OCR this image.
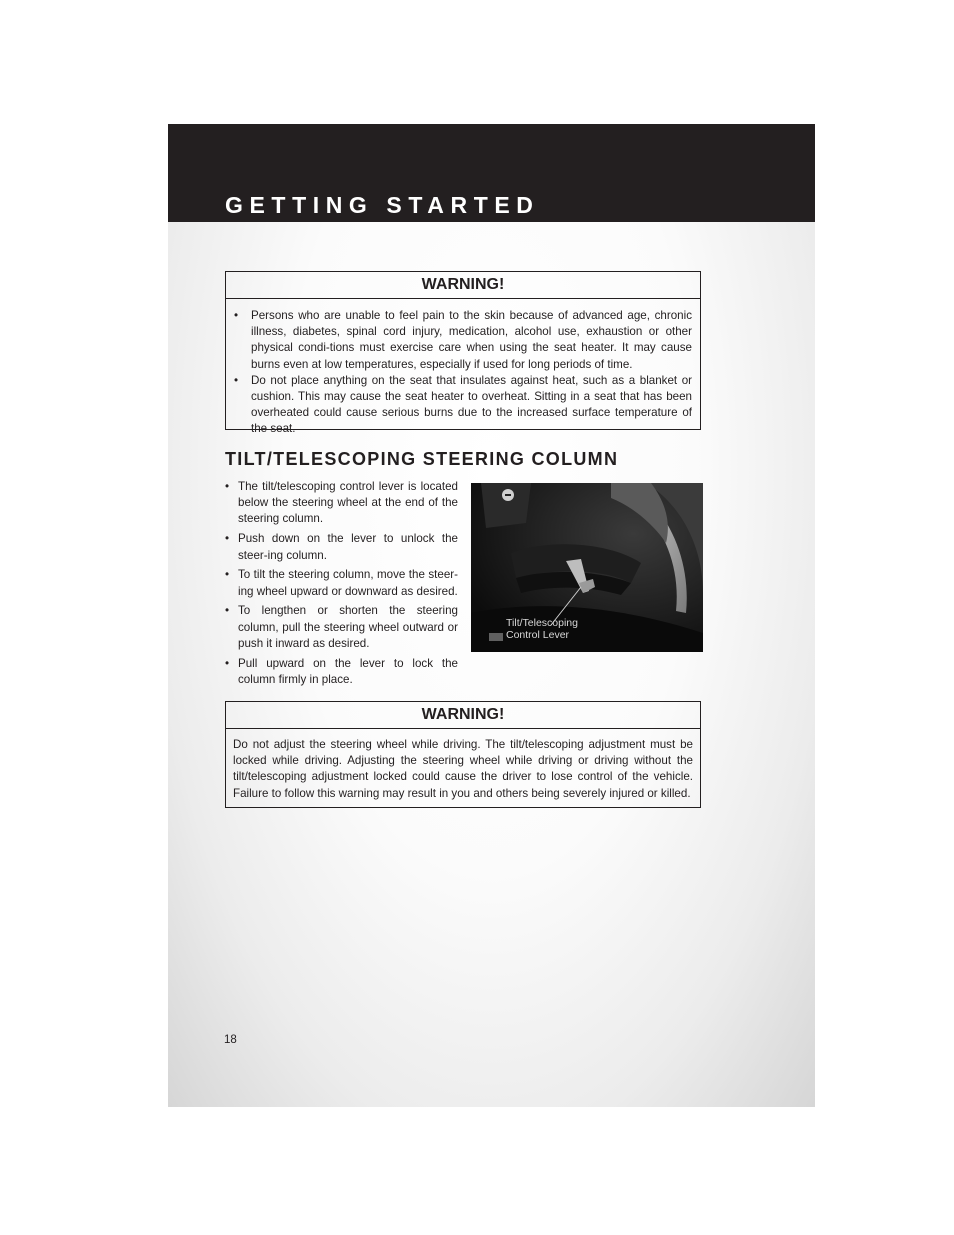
GETTING STARTED
WARNING!
• Persons who are unable to feel pain to the skin because of advanced age, chronic illness, diabetes, spinal cord injury, medication, alcohol use, exhaustion or other physical condi-tions must exercise care when using the seat heater. It may cause burns even at low temperatures, especially if used for long periods of time.
• Do not place anything on the seat that insulates against heat, such as a blanket or cushion. This may cause the seat heater to overheat. Sitting in a seat that has been overheated could cause serious burns due to the increased surface temperature of the seat.
TILT/TELESCOPING STEERING COLUMN
• The tilt/telescoping control lever is located below the steering wheel at the end of the steering column.
• Push down on the lever to unlock the steer-ing column.
• To tilt the steering column, move the steer-ing wheel upward or downward as desired.
• To lengthen or shorten the steering column, pull the steering wheel outward or push it inward as desired.
• Pull upward on the lever to lock the column firmly in place.
Tilt/Telescoping
Control Lever
WARNING!
Do not adjust the steering wheel while driving. The tilt/telescoping adjustment must be locked while driving. Adjusting the steering wheel while driving or driving without the tilt/telescoping adjustment locked could cause the driver to lose control of the vehicle. Failure to follow this warning may result in you and others being severely injured or killed.
18
